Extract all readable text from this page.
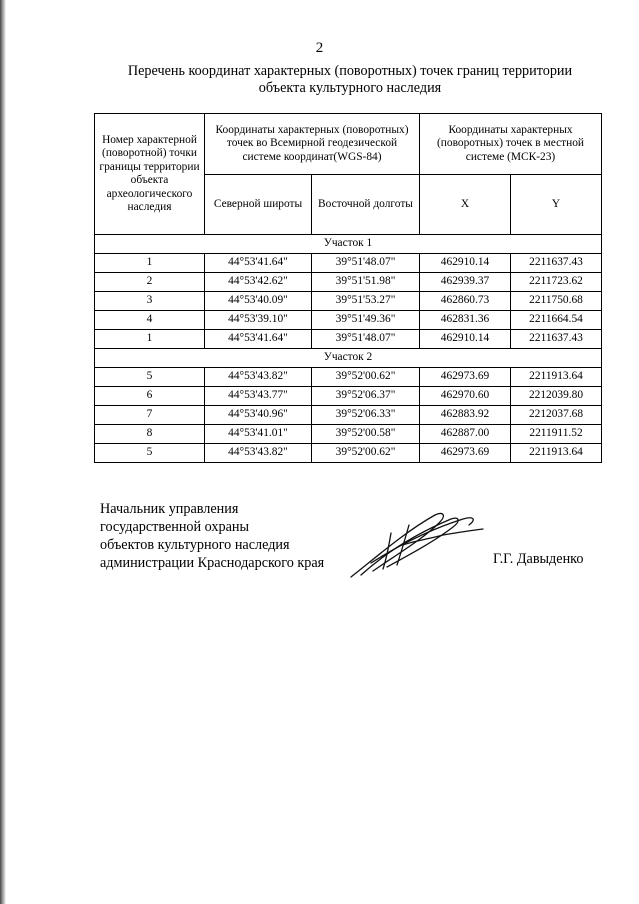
2
Перечень координат характерных (поворотных) точек границ территории
объекта культурного наследия
Номер характерной (поворотной) точки границы территории объекта археологического наследия	Координаты характерных (поворотных) точек во Всемирной геодезической системе координат(WGS-84)		Координаты характерных (поворотных) точек в местной системе (МСК-23)	
	Северной широты	Восточной долготы	X	Y
Участок 1				
1	44°53'41.64"	39°51'48.07"	462910.14	2211637.43
2	44°53'42.62"	39°51'51.98"	462939.37	2211723.62
3	44°53'40.09"	39°51'53.27"	462860.73	2211750.68
4	44°53'39.10"	39°51'49.36"	462831.36	2211664.54
1	44°53'41.64"	39°51'48.07"	462910.14	2211637.43
Участок 2				
5	44°53'43.82"	39°52'00.62"	462973.69	2211913.64
6	44°53'43.77"	39°52'06.37"	462970.60	2212039.80
7	44°53'40.96"	39°52'06.33"	462883.92	2212037.68
8	44°53'41.01"	39°52'00.58"	462887.00	2211911.52
5	44°53'43.82"	39°52'00.62"	462973.69	2211913.64
Начальник управления
государственной охраны
объектов культурного наследия
администрации Краснодарского края	Г.Г. Давыденко
